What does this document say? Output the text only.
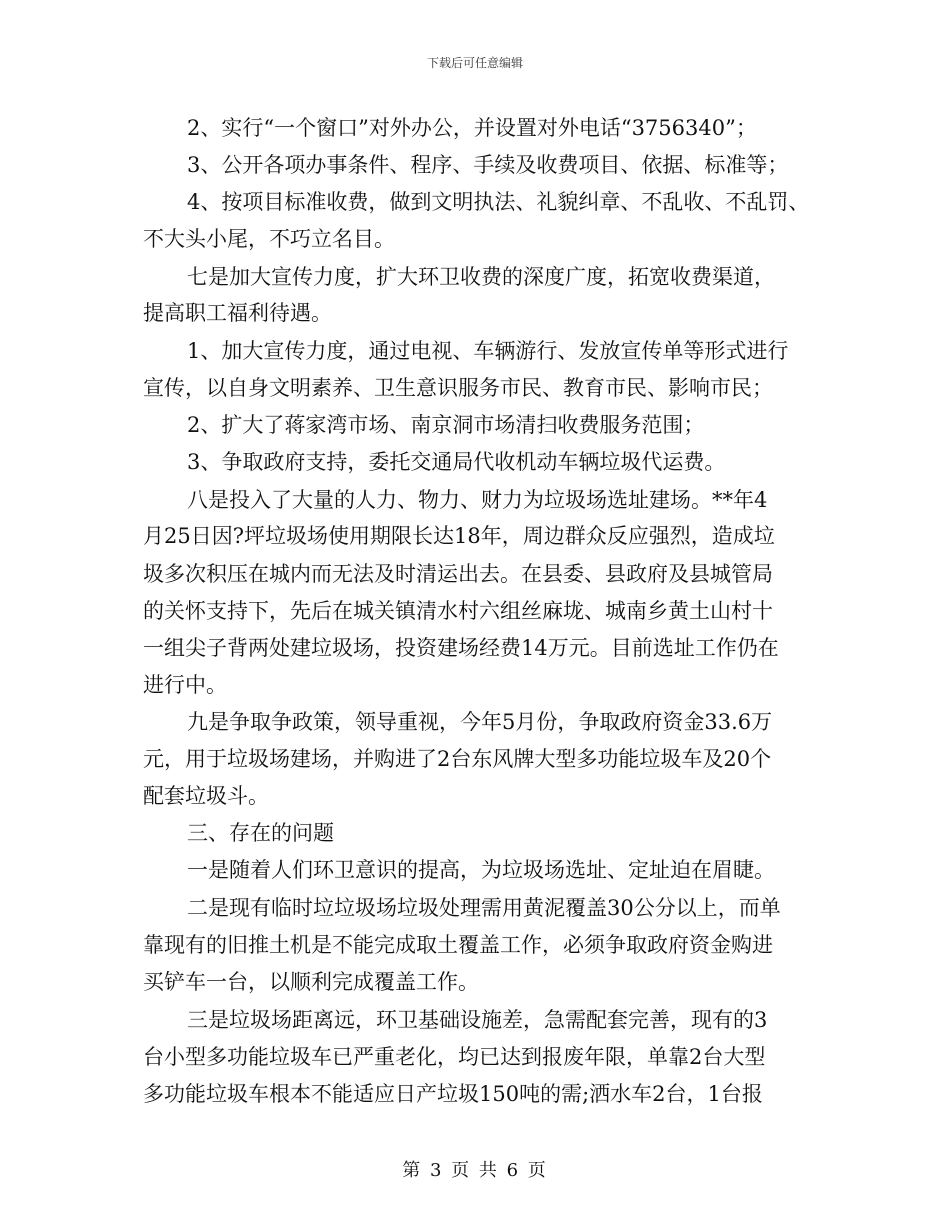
下载后可任意编辑
2、实行“一个窗口”对外办公，并设置对外电话“3756340”；
3、公开各项办事条件、程序、手续及收费项目、依据、标准等；
4、按项目标准收费，做到文明执法、礼貌纠章、不乱收、不乱罚、
不大头小尾，不巧立名目。
七是加大宣传力度，扩大环卫收费的深度广度，拓宽收费渠道，
提高职工福利待遇。
1、加大宣传力度，通过电视、车辆游行、发放宣传单等形式进行
宣传，以自身文明素养、卫生意识服务市民、教育市民、影响市民；
2、扩大了蒋家湾市场、南京洞市场清扫收费服务范围；
3、争取政府支持，委托交通局代收机动车辆垃圾代运费。
八是投入了大量的人力、物力、财力为垃圾场选址建场。**年4
月25日因?坪垃圾场使用期限长达18年，周边群众反应强烈，造成垃
圾多次积压在城内而无法及时清运出去。在县委、县政府及县城管局
的关怀支持下，先后在城关镇清水村六组丝麻垅、城南乡黄土山村十
一组尖子背两处建垃圾场，投资建场经费14万元。目前选址工作仍在
进行中。
九是争取争政策，领导重视，今年5月份，争取政府资金33.6万
元，用于垃圾场建场，并购进了2台东风牌大型多功能垃圾车及20个
配套垃圾斗。
三、存在的问题
一是随着人们环卫意识的提高，为垃圾场选址、定址迫在眉睫。
二是现有临时垃垃圾场垃圾处理需用黄泥覆盖30公分以上，而单
靠现有的旧推土机是不能完成取土覆盖工作，必须争取政府资金购进
买铲车一台，以顺利完成覆盖工作。
三是垃圾场距离远，环卫基础设施差，急需配套完善，现有的3
台小型多功能垃圾车已严重老化，均已达到报废年限，单靠2台大型
多功能垃圾车根本不能适应日产垃圾150吨的需;洒水车2台，1台报
第 3 页 共 6 页
